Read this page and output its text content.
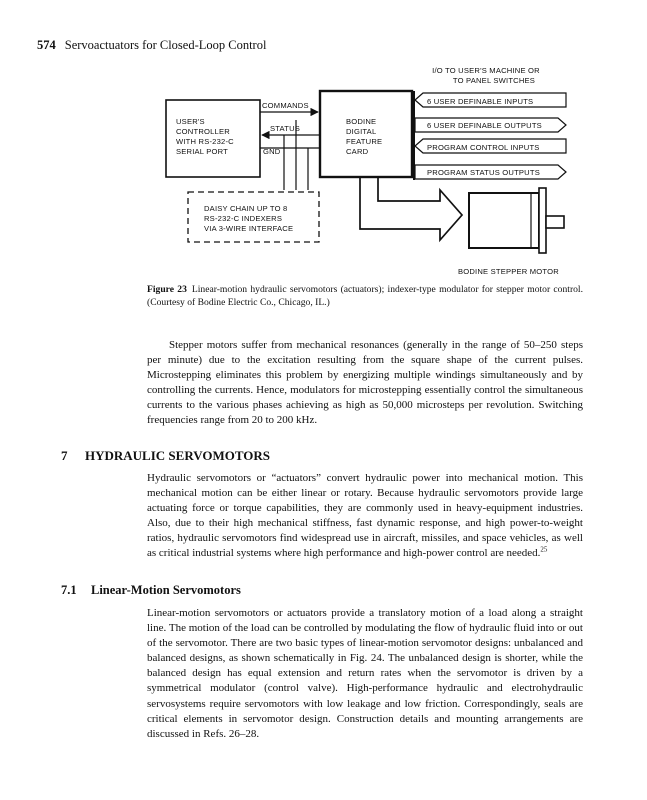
574 Servoactuators for Closed-Loop Control
I/O TO USER'S MACHINE OR
TO PANEL SWITCHES
USER'S
CONTROLLER
WITH RS-232-C
SERIAL PORT
BODINE
DIGITAL
FEATURE
CARD
COMMANDS
STATUS
GND
DAISY CHAIN UP TO 8
RS-232-C INDEXERS
VIA 3-WIRE INTERFACE
6 USER DEFINABLE INPUTS
6 USER DEFINABLE OUTPUTS
PROGRAM CONTROL INPUTS
PROGRAM STATUS OUTPUTS
BODINE STEPPER MOTOR
Figure 23 Linear-motion hydraulic servomotors (actuators); indexer-type modulator for stepper motor control. (Courtesy of Bodine Electric Co., Chicago, IL.)

Stepper motors suffer from mechanical resonances (generally in the range of 50–250 steps per minute) due to the excitation resulting from the square shape of the current pulses. Microstepping eliminates this problem by energizing multiple windings simultaneously and by controlling the currents. Hence, modulators for microstepping essentially control the simultaneous currents to the various phases achieving as high as 50,000 microsteps per revolution. Switching frequencies range from 20 to 200 kHz.

7 HYDRAULIC SERVOMOTORS

Hydraulic servomotors or “actuators” convert hydraulic power into mechanical motion. This mechanical motion can be either linear or rotary. Because hydraulic servomotors provide large actuating force or torque capabilities, they are commonly used in heavy-equipment industries. Also, due to their high mechanical stiffness, fast dynamic response, and high power-to-weight ratios, hydraulic servomotors find widespread use in aircraft, missiles, and space vehicles, as well as critical industrial systems where high performance and high-power control are needed.$^{25}$

7.1 Linear-Motion Servomotors

Linear-motion servomotors or actuators provide a translatory motion of a load along a straight line. The motion of the load can be controlled by modulating the flow of hydraulic fluid into or out of the servomotor. There are two basic types of linear-motion servomotor designs: unbalanced and balanced designs, as shown schematically in Fig. 24. The unbalanced design is shorter, while the balanced design has equal extension and return rates when the servomotor is driven by a symmetrical modulator (control valve). High-performance hydraulic and electrohydraulic servosystems require servomotors with low leakage and low friction. Correspondingly, seals are critical elements in servomotor design. Construction details and mounting arrangements are discussed in Refs. 26–28.
